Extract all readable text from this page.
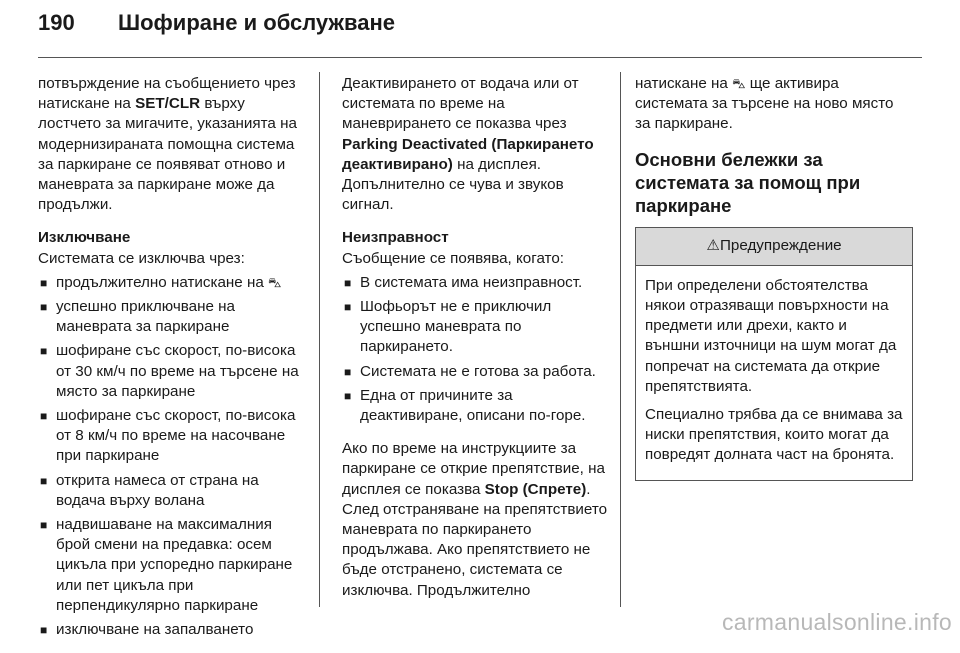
190	Шофиране и обслужване

потвърждение на съобщението чрез натискане на SET/CLR върху лостчето за мигачите, указанията на модернизираната помощна система за паркиране се появяват отново и маневрата за паркиране може да продължи.

Изключване
Системата се изключва чрез:
■ продължително натискане на ⛍
■ успешно приключване на маневрата за паркиране
■ шофиране със скорост, по-висока от 30 км/ч по време на търсене на място за паркиране
■ шофиране със скорост, по-висока от 8 км/ч по време на насочване при паркиране
■ открита намеса от страна на водача върху волана
■ надвишаване на максималния брой смени на предавка: осем цикъла при успоредно паркиране или пет цикъла при перпендикулярно паркиране
■ изключване на запалването

Деактивирането от водача или от системата по време на маневрирането се показва чрез Parking Deactivated (Паркирането деактивирано) на дисплея. Допълнително се чува и звуков сигнал.

Неизправност
Съобщение се появява, когато:
■ В системата има неизправност.
■ Шофьорът не е приключил успешно маневрата по паркирането.
■ Системата не е готова за работа.
■ Една от причините за деактивиране, описани по-горе.

Ако по време на инструкциите за паркиране се открие препятствие, на дисплея се показва Stop (Спрете). След отстраняване на препятствието маневрата по паркирането продължава. Ако препятствието не бъде отстранено, системата се изключва. Продължително

натискане на ⛍ ще активира системата за търсене на ново място за паркиране.

Основни бележки за системата за помощ при паркиране
⚠Предупреждение

При определени обстоятелства някои отразяващи повърхности на предмети или дрехи, както и външни източници на шум могат да попречат на системата да открие препятствията.

Специално трябва да се внимава за ниски препятствия, които могат да повредят долната част на бронята.

carmanualsonline.info
